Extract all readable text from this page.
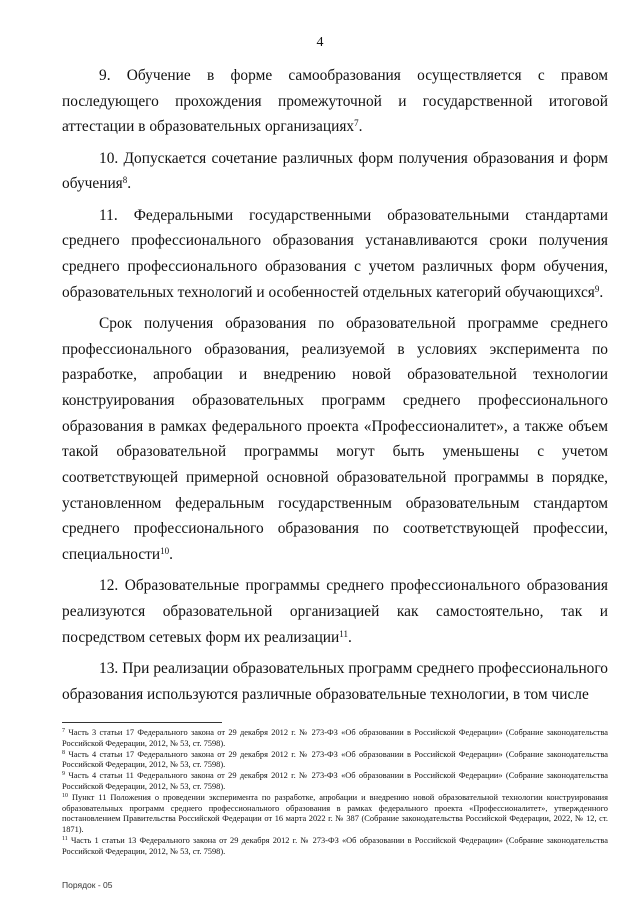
4

9. Обучение в форме самообразования осуществляется с правом последующего прохождения промежуточной и государственной итоговой аттестации в образовательных организациях$^7$.

10. Допускается сочетание различных форм получения образования и форм обучения$^8$.

11. Федеральными государственными образовательными стандартами среднего профессионального образования устанавливаются сроки получения среднего профессионального образования с учетом различных форм обучения, образовательных технологий и особенностей отдельных категорий обучающихся$^9$.

Срок получения образования по образовательной программе среднего профессионального образования, реализуемой в условиях эксперимента по разработке, апробации и внедрению новой образовательной технологии конструирования образовательных программ среднего профессионального образования в рамках федерального проекта «Профессионалитет», а также объем такой образовательной программы могут быть уменьшены с учетом соответствующей примерной основной образовательной программы в порядке, установленном федеральным государственным образовательным стандартом среднего профессионального образования по соответствующей профессии, специальности$^{10}$.

12. Образовательные программы среднего профессионального образования реализуются образовательной организацией как самостоятельно, так и посредством сетевых форм их реализации$^{11}$.

13. При реализации образовательных программ среднего профессионального образования используются различные образовательные технологии, в том числе

$^7$ Часть 3 статьи 17 Федерального закона от 29 декабря 2012 г. № 273-ФЗ «Об образовании в Российской Федерации» (Собрание законодательства Российской Федерации, 2012, № 53, ст. 7598).

$^8$ Часть 4 статьи 17 Федерального закона от 29 декабря 2012 г. № 273-ФЗ «Об образовании в Российской Федерации» (Собрание законодательства Российской Федерации, 2012, № 53, ст. 7598).

$^9$ Часть 4 статьи 11 Федерального закона от 29 декабря 2012 г. № 273-ФЗ «Об образовании в Российской Федерации» (Собрание законодательства Российской Федерации, 2012, № 53, ст. 7598).

$^{10}$ Пункт 11 Положения о проведении эксперимента по разработке, апробации и внедрению новой образовательной технологии конструирования образовательных программ среднего профессионального образования в рамках федерального проекта «Профессионалитет», утвержденного постановлением Правительства Российской Федерации от 16 марта 2022 г. № 387 (Собрание законодательства Российской Федерации, 2022, № 12, ст. 1871).

$^{11}$ Часть 1 статьи 13 Федерального закона от 29 декабря 2012 г. № 273-ФЗ «Об образовании в Российской Федерации» (Собрание законодательства Российской Федерации, 2012, № 53, ст. 7598).

Порядок - 05
